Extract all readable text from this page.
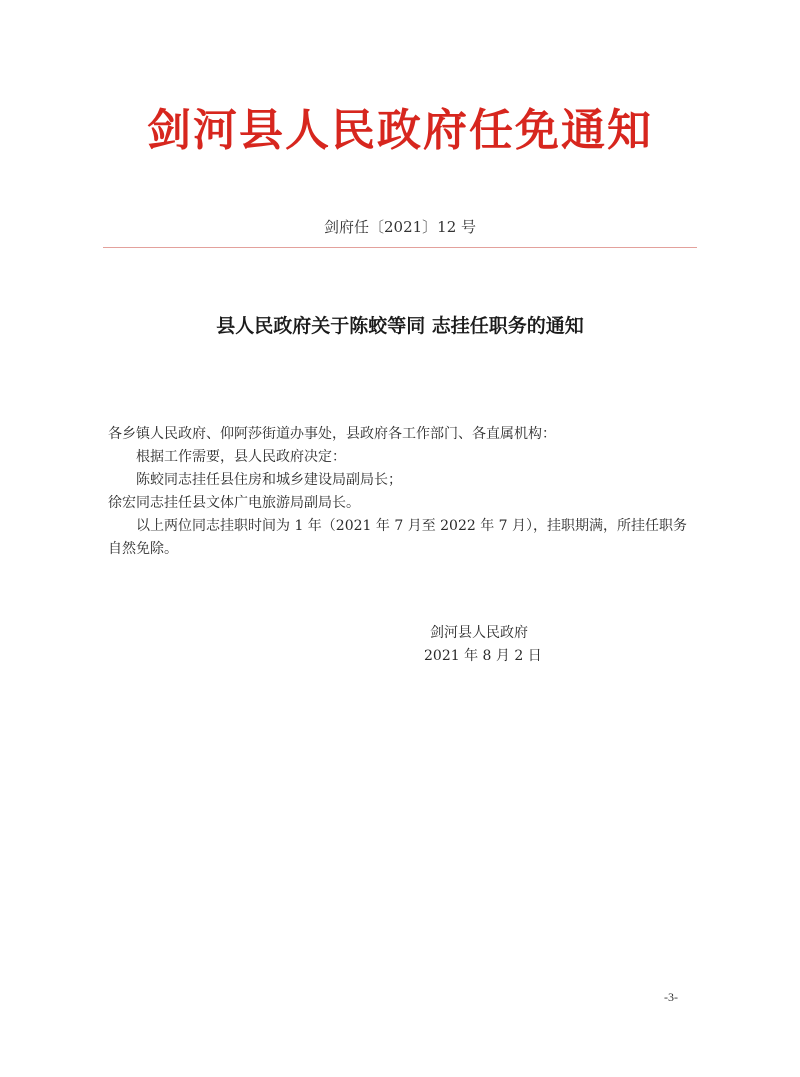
剑河县人民政府任免通知
剑府任〔2021〕12 号
县人民政府关于陈蛟等同 志挂任职务的通知

各乡镇人民政府、仰阿莎街道办事处，县政府各工作部门、各直属机构：

根据工作需要，县人民政府决定：

陈蛟同志挂任县住房和城乡建设局副局长；

徐宏同志挂任县文体广电旅游局副局长。

以上两位同志挂职时间为 1 年（2021 年 7 月至 2022 年 7 月），挂职期满，所挂任职务自然免除。

剑河县人民政府
2021 年 8 月 2 日
-3-
